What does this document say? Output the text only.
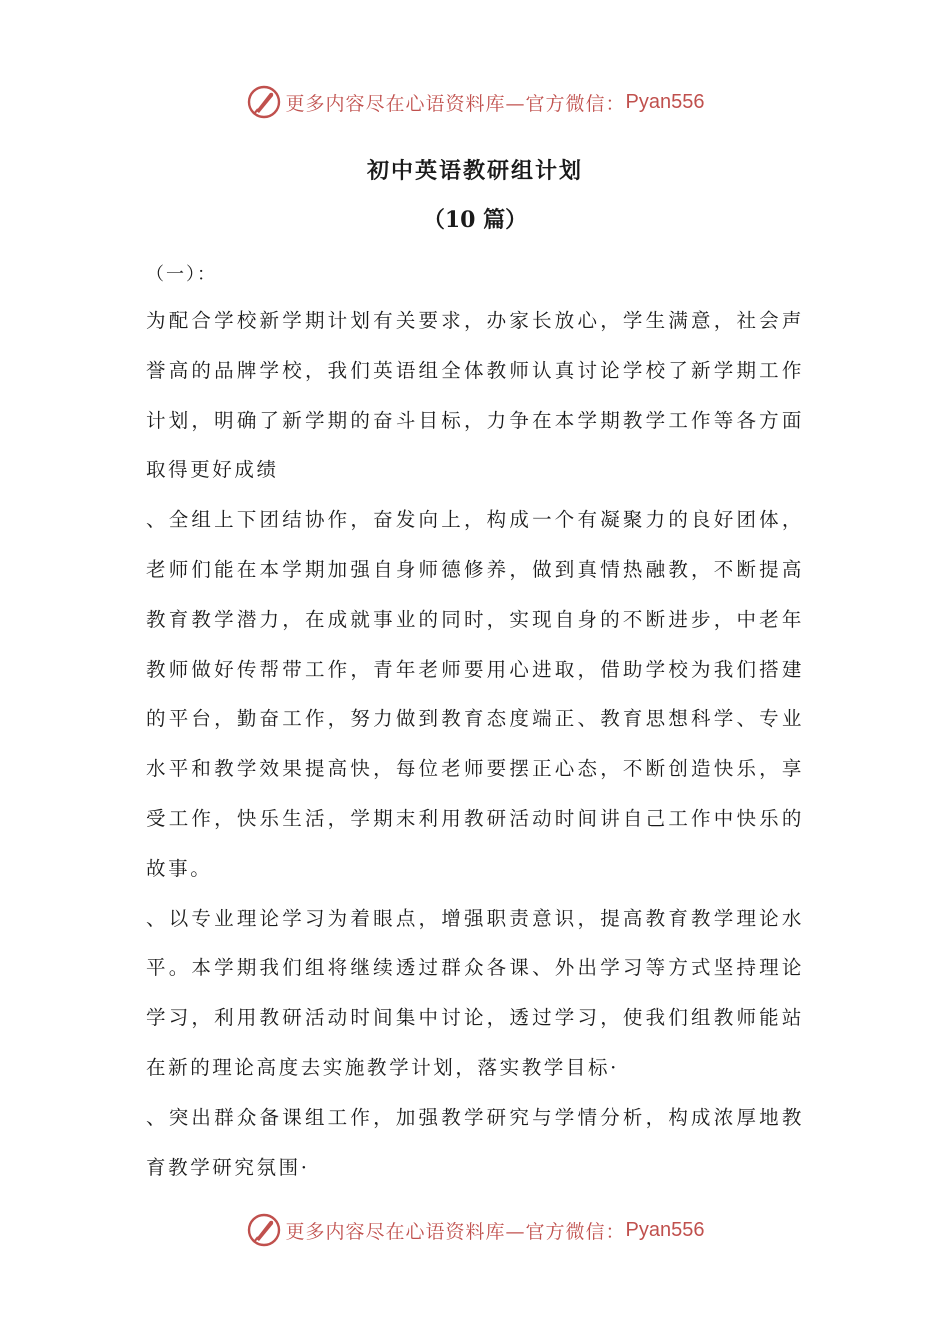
更多内容尽在心语资料库—官方微信： Pyan556
初中英语教研组计划
（10 篇）
（一）：

为配合学校新学期计划有关要求，办家长放心，学生满意，社会声誉高的品牌学校，我们英语组全体教师认真讨论学校了新学期工作计划，明确了新学期的奋斗目标，力争在本学期教学工作等各方面取得更好成绩

、全组上下团结协作，奋发向上，构成一个有凝聚力的良好团体，老师们能在本学期加强自身师德修养，做到真情热融教，不断提高教育教学潜力，在成就事业的同时，实现自身的不断进步，中老年教师做好传帮带工作，青年老师要用心进取，借助学校为我们搭建的平台，勤奋工作，努力做到教育态度端正、教育思想科学、专业水平和教学效果提高快，每位老师要摆正心态，不断创造快乐，享受工作，快乐生活，学期末利用教研活动时间讲自己工作中快乐的故事。

、以专业理论学习为着眼点，增强职责意识，提高教育教学理论水平。本学期我们组将继续透过群众各课、外出学习等方式坚持理论学习，利用教研活动时间集中讨论，透过学习，使我们组教师能站在新的理论高度去实施教学计划，落实教学目标·

、突出群众备课组工作，加强教学研究与学情分析，构成浓厚地教育教学研究氛围·

更多内容尽在心语资料库—官方微信： Pyan556
